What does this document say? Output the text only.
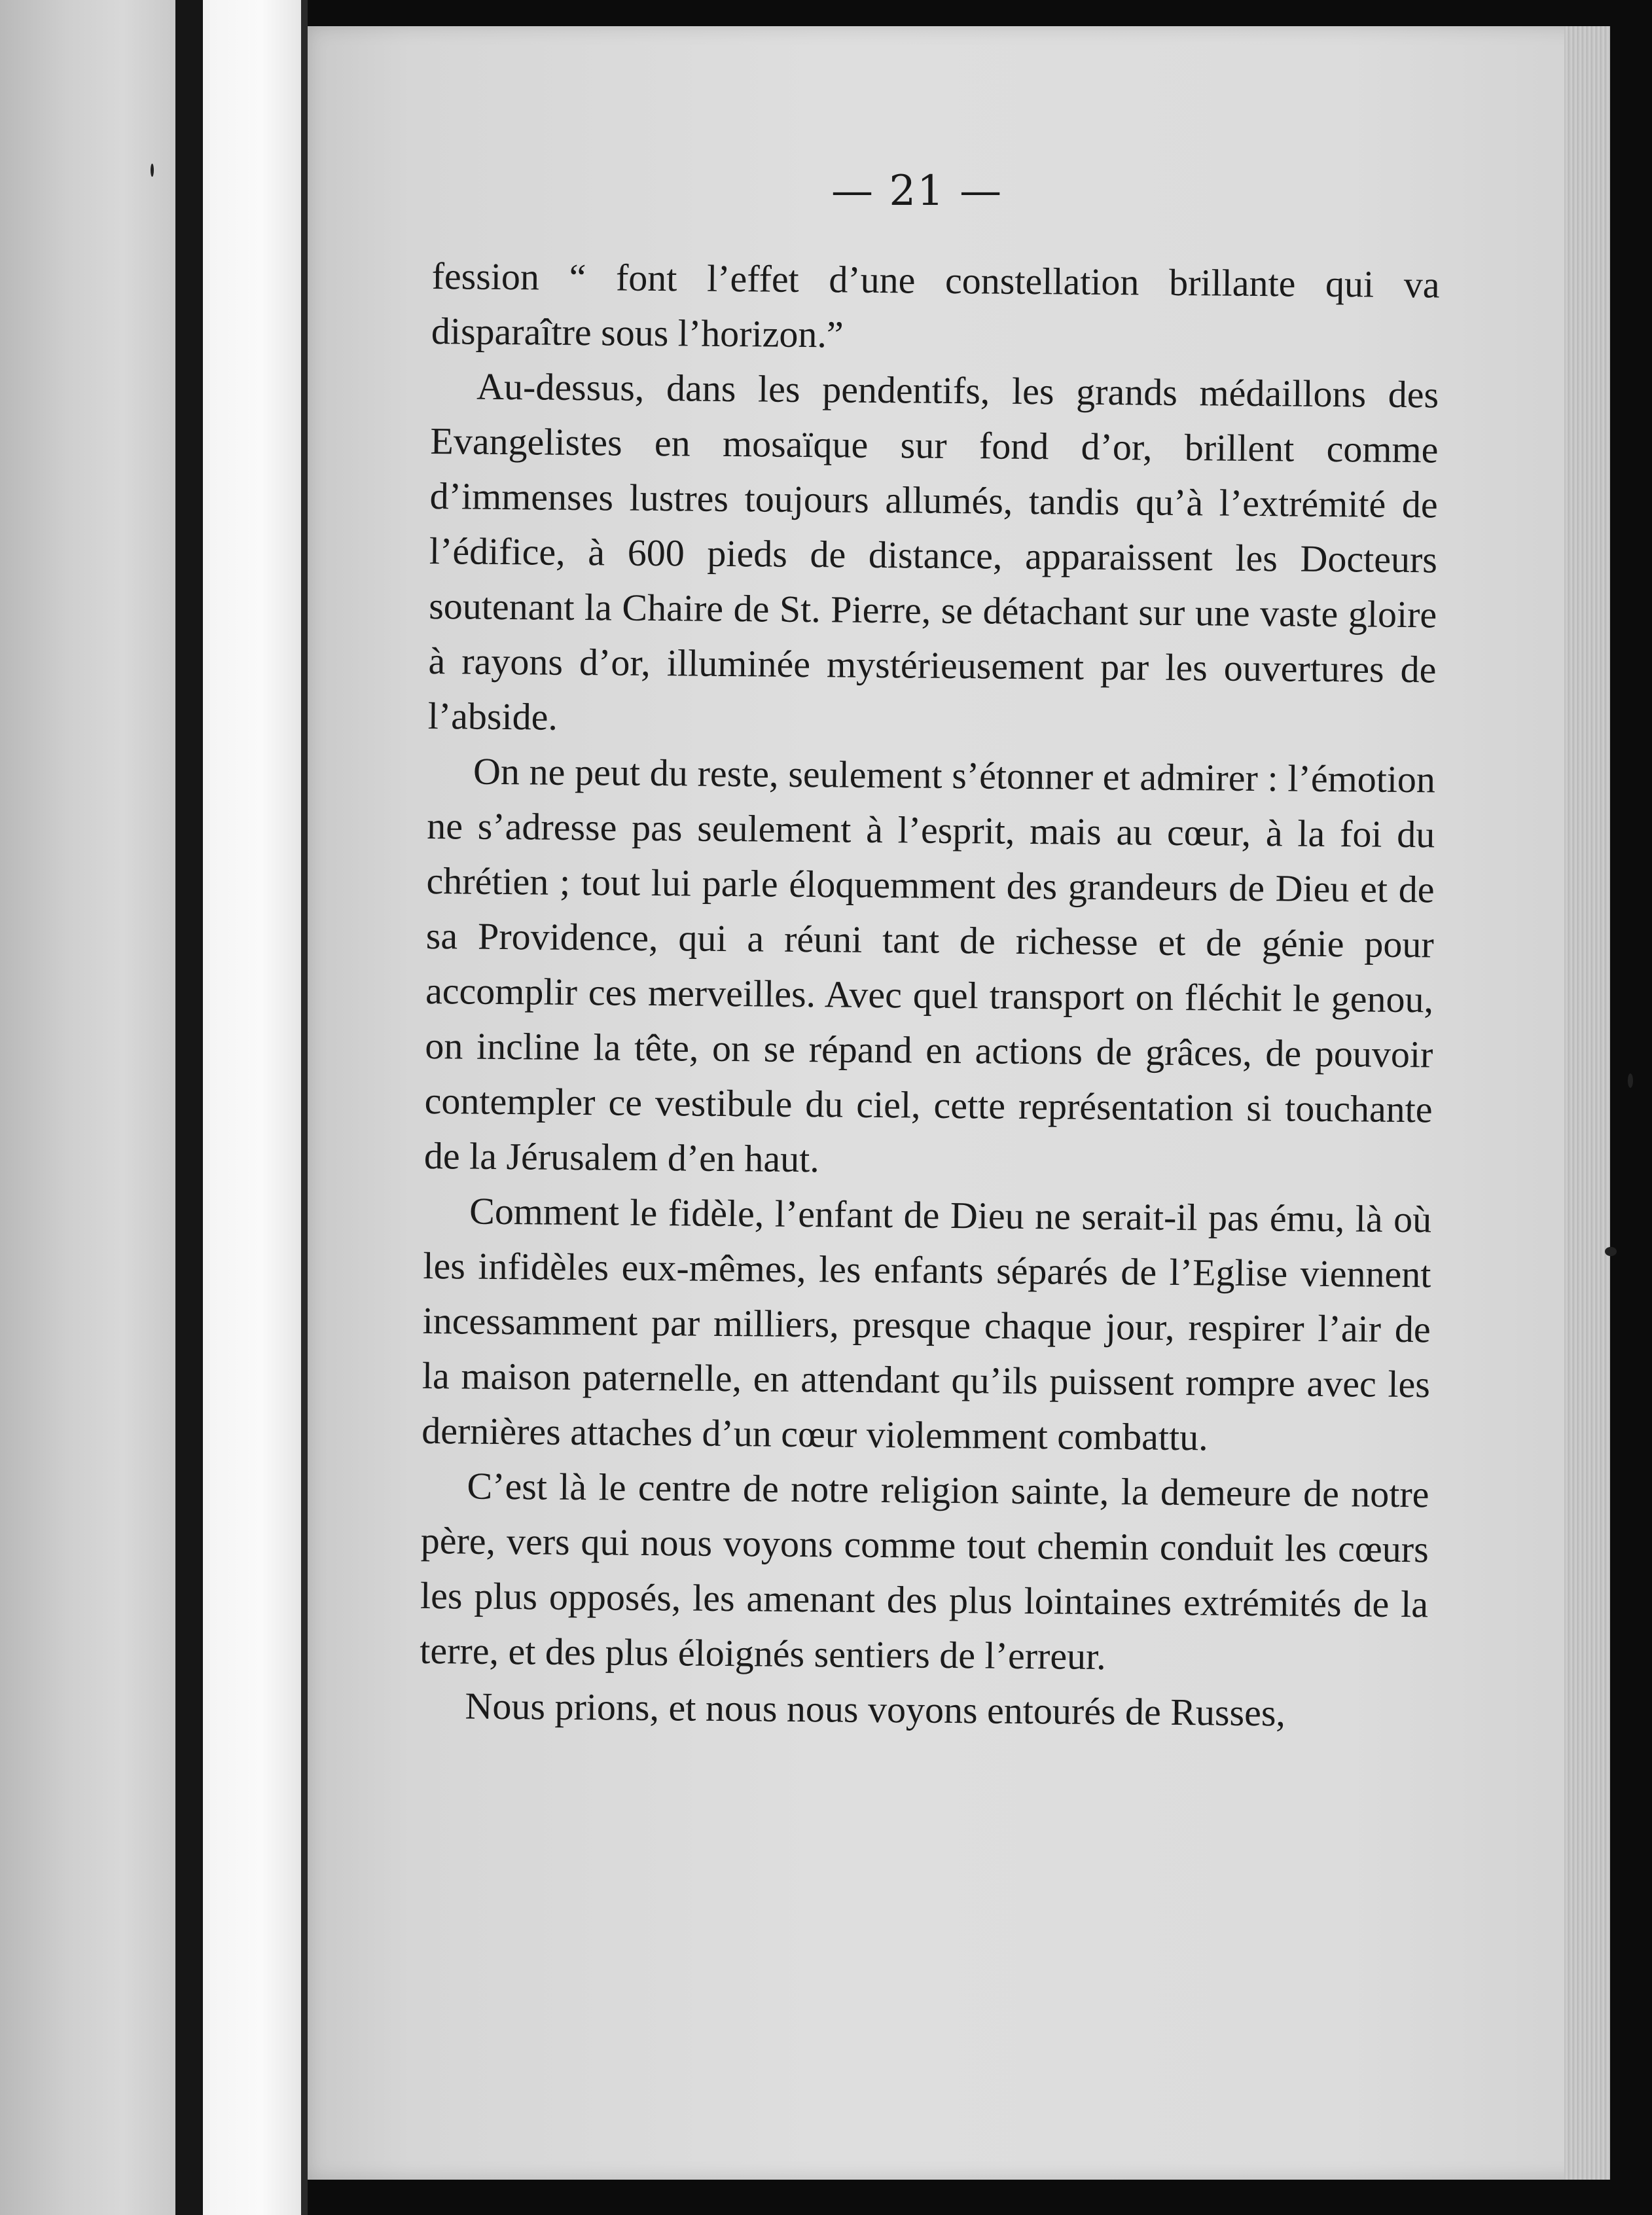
— 21 —

fession “ font l’effet d’une constellation brillante qui va disparaître sous l’horizon.”

Au-dessus, dans les pendentifs, les grands médaillons des Evangelistes en mosaïque sur fond d’or, brillent comme d’immenses lustres toujours allumés, tandis qu’à l’extrémité de l’édifice, à 600 pieds de distance, apparaissent les Docteurs soutenant la Chaire de St. Pierre, se détachant sur une vaste gloire à rayons d’or, illuminée mystérieusement par les ouvertures de l’abside.

On ne peut du reste, seulement s’étonner et admirer : l’émotion ne s’adresse pas seulement à l’esprit, mais au cœur, à la foi du chrétien ; tout lui parle éloquemment des grandeurs de Dieu et de sa Providence, qui a réuni tant de richesse et de génie pour accomplir ces merveilles. Avec quel transport on fléchit le genou, on incline la tête, on se répand en actions de grâces, de pouvoir contempler ce vestibule du ciel, cette représentation si touchante de la Jérusalem d’en haut.

Comment le fidèle, l’enfant de Dieu ne serait-il pas ému, là où les infidèles eux-mêmes, les enfants séparés de l’Eglise viennent incessamment par milliers, presque chaque jour, respirer l’air de la maison paternelle, en attendant qu’ils puissent rompre avec les dernières attaches d’un cœur violemment combattu.

C’est là le centre de notre religion sainte, la demeure de notre père, vers qui nous voyons comme tout chemin conduit les cœurs les plus opposés, les amenant des plus lointaines extrémités de la terre, et des plus éloignés sentiers de l’erreur.

Nous prions, et nous nous voyons entourés de Russes,
